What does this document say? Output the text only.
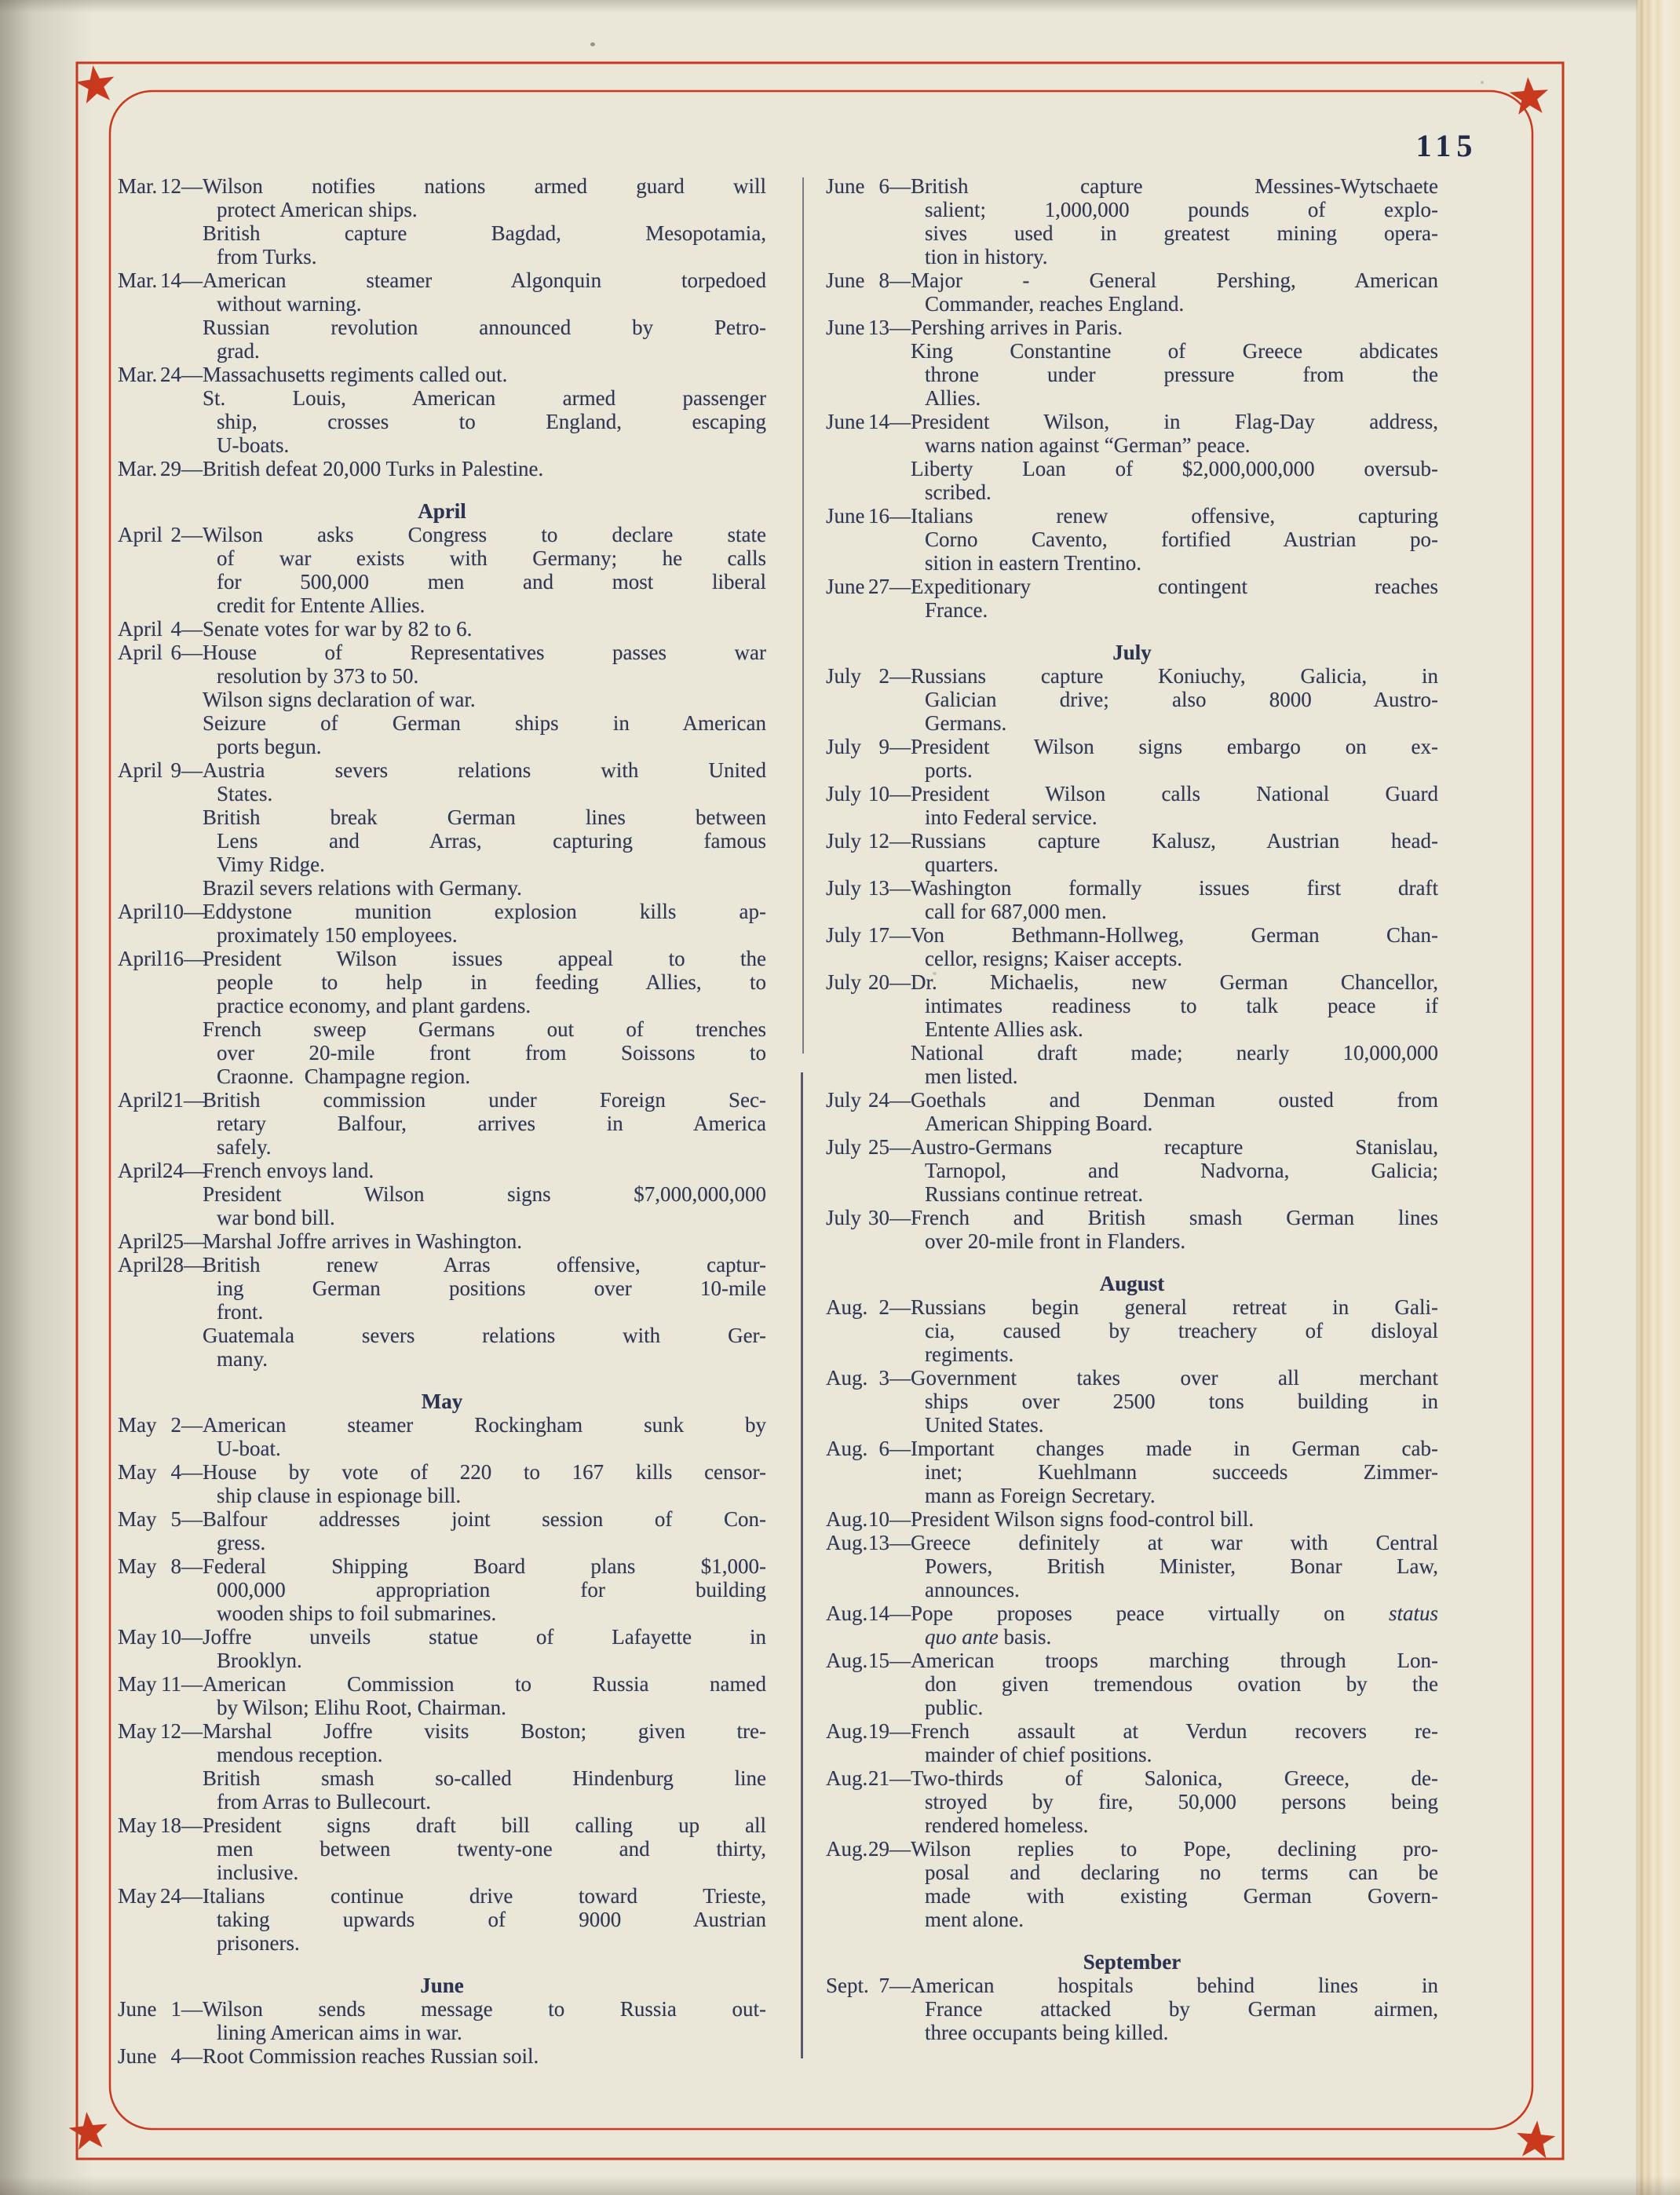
115
Mar. 12 — Wilson notifies nations armed guard will
protect American ships.
British capture Bagdad, Mesopotamia,
from Turks.
Mar. 14 — American steamer Algonquin torpedoed
without warning.
Russian revolution announced by Petro-
grad.
Mar. 24 — Massachusetts regiments called out.
St. Louis, American armed passenger
ship, crosses to England, escaping
U-boats.
Mar. 29 — British defeat 20,000 Turks in Palestine.
April
April 2 — Wilson asks Congress to declare state
of war exists with Germany; he calls
for 500,000 men and most liberal
credit for Entente Allies.
April 4 — Senate votes for war by 82 to 6.
April 6 — House of Representatives passes war
resolution by 373 to 50.
Wilson signs declaration of war.
Seizure of German ships in American
ports begun.
April 9 — Austria severs relations with United
States.
British break German lines between
Lens and Arras, capturing famous
Vimy Ridge.
Brazil severs relations with Germany.
April 10 —
Eddystone munition explosion kills ap-
proximately 150 employees.
April 16 —
President Wilson issues appeal to the
people to help in feeding Allies, to
practice economy, and plant gardens.
French sweep Germans out of trenches
over 20-mile front from Soissons to
Craonne. Champagne region.
April 21 —
British commission under Foreign Sec-
retary Balfour, arrives in America
safely.
April 24 —
French envoys land.
President Wilson signs $7,000,000,000
war bond bill.
April 25 —
Marshal Joffre arrives in Washington.
April 28 —
British renew Arras offensive, captur-
ing German positions over 10-mile
front.
Guatemala severs relations with Ger-
many.
May
May 2 — American steamer Rockingham sunk by
U-boat.
May 4 — House by vote of 220 to 167 kills censor-
ship clause in espionage bill.
May 5 — Balfour addresses joint session of Con-
gress.
May 8 — Federal Shipping Board plans $1,000-
000,000 appropriation for building
wooden ships to foil submarines.
May 10 — Joffre unveils statue of Lafayette in
Brooklyn.
May 11 — American Commission to Russia named
by Wilson; Elihu Root, Chairman.
May 12 — Marshal Joffre visits Boston; given tre-
mendous reception.
British smash so-called Hindenburg line
from Arras to Bullecourt.
May 18 — President signs draft bill calling up all
men between twenty-one and thirty,
inclusive.
May 24 — Italians continue drive toward Trieste,
taking upwards of 9000 Austrian
prisoners.
June
June 1 — Wilson sends message to Russia out-
lining American aims in war.
June 4 — Root Commission reaches Russian soil.
June 6 — British capture Messines-Wytschaete
salient; 1,000,000 pounds of explo-
sives used in greatest mining opera-
tion in history.
June 8 — Major - General Pershing, American
Commander, reaches England.
June 13 — Pershing arrives in Paris.
King Constantine of Greece abdicates
throne under pressure from the
Allies.
June 14 — President Wilson, in Flag-Day address,
warns nation against “German” peace.
Liberty Loan of $2,000,000,000 oversub-
scribed.
June 16 — Italians renew offensive, capturing
Corno Cavento, fortified Austrian po-
sition in eastern Trentino.
June 27 — Expeditionary contingent reaches
France.
July
July 2 — Russians capture Koniuchy, Galicia, in
Galician drive; also 8000 Austro-
Germans.
July 9 — President Wilson signs embargo on ex-
ports.
July 10 — President Wilson calls National Guard
into Federal service.
July 12 — Russians capture Kalusz, Austrian head-
quarters.
July 13 — Washington formally issues first draft
call for 687,000 men.
July 17 — Von Bethmann-Hollweg, German Chan-
cellor, resigns; Kaiser accepts.
July 20 — Dr. Michaelis, new German Chancellor,
intimates readiness to talk peace if
Entente Allies ask.
National draft made; nearly 10,000,000
men listed.
July 24 — Goethals and Denman ousted from
American Shipping Board.
July 25 — Austro-Germans recapture Stanislau,
Tarnopol, and Nadvorna, Galicia;
Russians continue retreat.
July 30 — French and British smash German lines
over 20-mile front in Flanders.
August
Aug. 2 — Russians begin general retreat in Gali-
cia, caused by treachery of disloyal
regiments.
Aug. 3 — Government takes over all merchant
ships over 2500 tons building in
United States.
Aug. 6 — Important changes made in German cab-
inet; Kuehlmann succeeds Zimmer-
mann as Foreign Secretary.
Aug. 10 — President Wilson signs food-control bill.
Aug. 13 — Greece definitely at war with Central
Powers, British Minister, Bonar Law,
announces.
Aug. 14 — Pope proposes peace virtually on status
quo ante basis.
Aug. 15 — American troops marching through Lon-
don given tremendous ovation by the
public.
Aug. 19 — French assault at Verdun recovers re-
mainder of chief positions.
Aug. 21 — Two-thirds of Salonica, Greece, de-
stroyed by fire, 50,000 persons being
rendered homeless.
Aug. 29 — Wilson replies to Pope, declining pro-
posal and declaring no terms can be
made with existing German Govern-
ment alone.
September
Sept. 7 — American hospitals behind lines in
France attacked by German airmen,
three occupants being killed.
